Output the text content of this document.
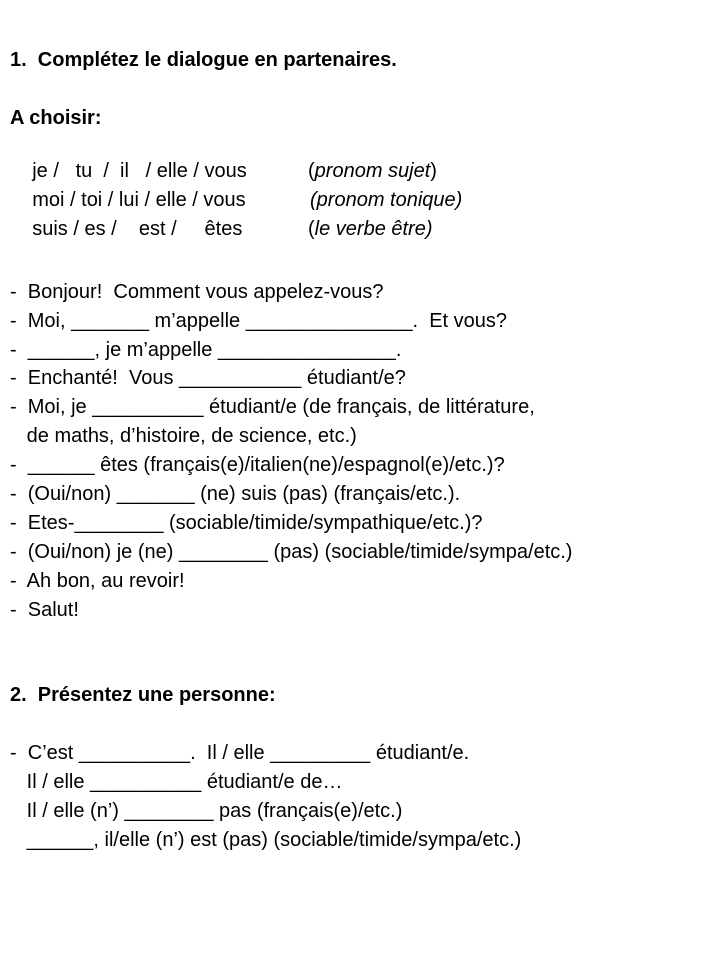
1.  Complétez le dialogue en partenaires.
A choisir:

je /   tu  /  il   / elle / vous	(pronom sujet)

moi / toi / lui / elle / vous	(pronom tonique)

suis / es /    est /     êtes	(le verbe être)

-  Bonjour!  Comment vous appelez-vous?
-  Moi, _______ m’appelle _______________.  Et vous?
-  ______, je m’appelle ________________.
-  Enchanté!  Vous ___________ étudiant/e?
-  Moi, je __________ étudiant/e (de français, de littérature,
de maths, d’histoire, de science, etc.)
-  ______ êtes (français(e)/italien(ne)/espagnol(e)/etc.)?
-  (Oui/non) _______ (ne) suis (pas) (français/etc.).
-  Etes-________ (sociable/timide/sympathique/etc.)?
-  (Oui/non) je (ne) ________ (pas) (sociable/timide/sympa/etc.)
-  Ah bon, au revoir!
-  Salut!
2.  Présentez une personne:
-  C’est __________.  Il / elle _________ étudiant/e.
Il / elle __________ étudiant/e de…
Il / elle (n’) ________ pas (français(e)/etc.)
______, il/elle (n’) est (pas) (sociable/timide/sympa/etc.)
